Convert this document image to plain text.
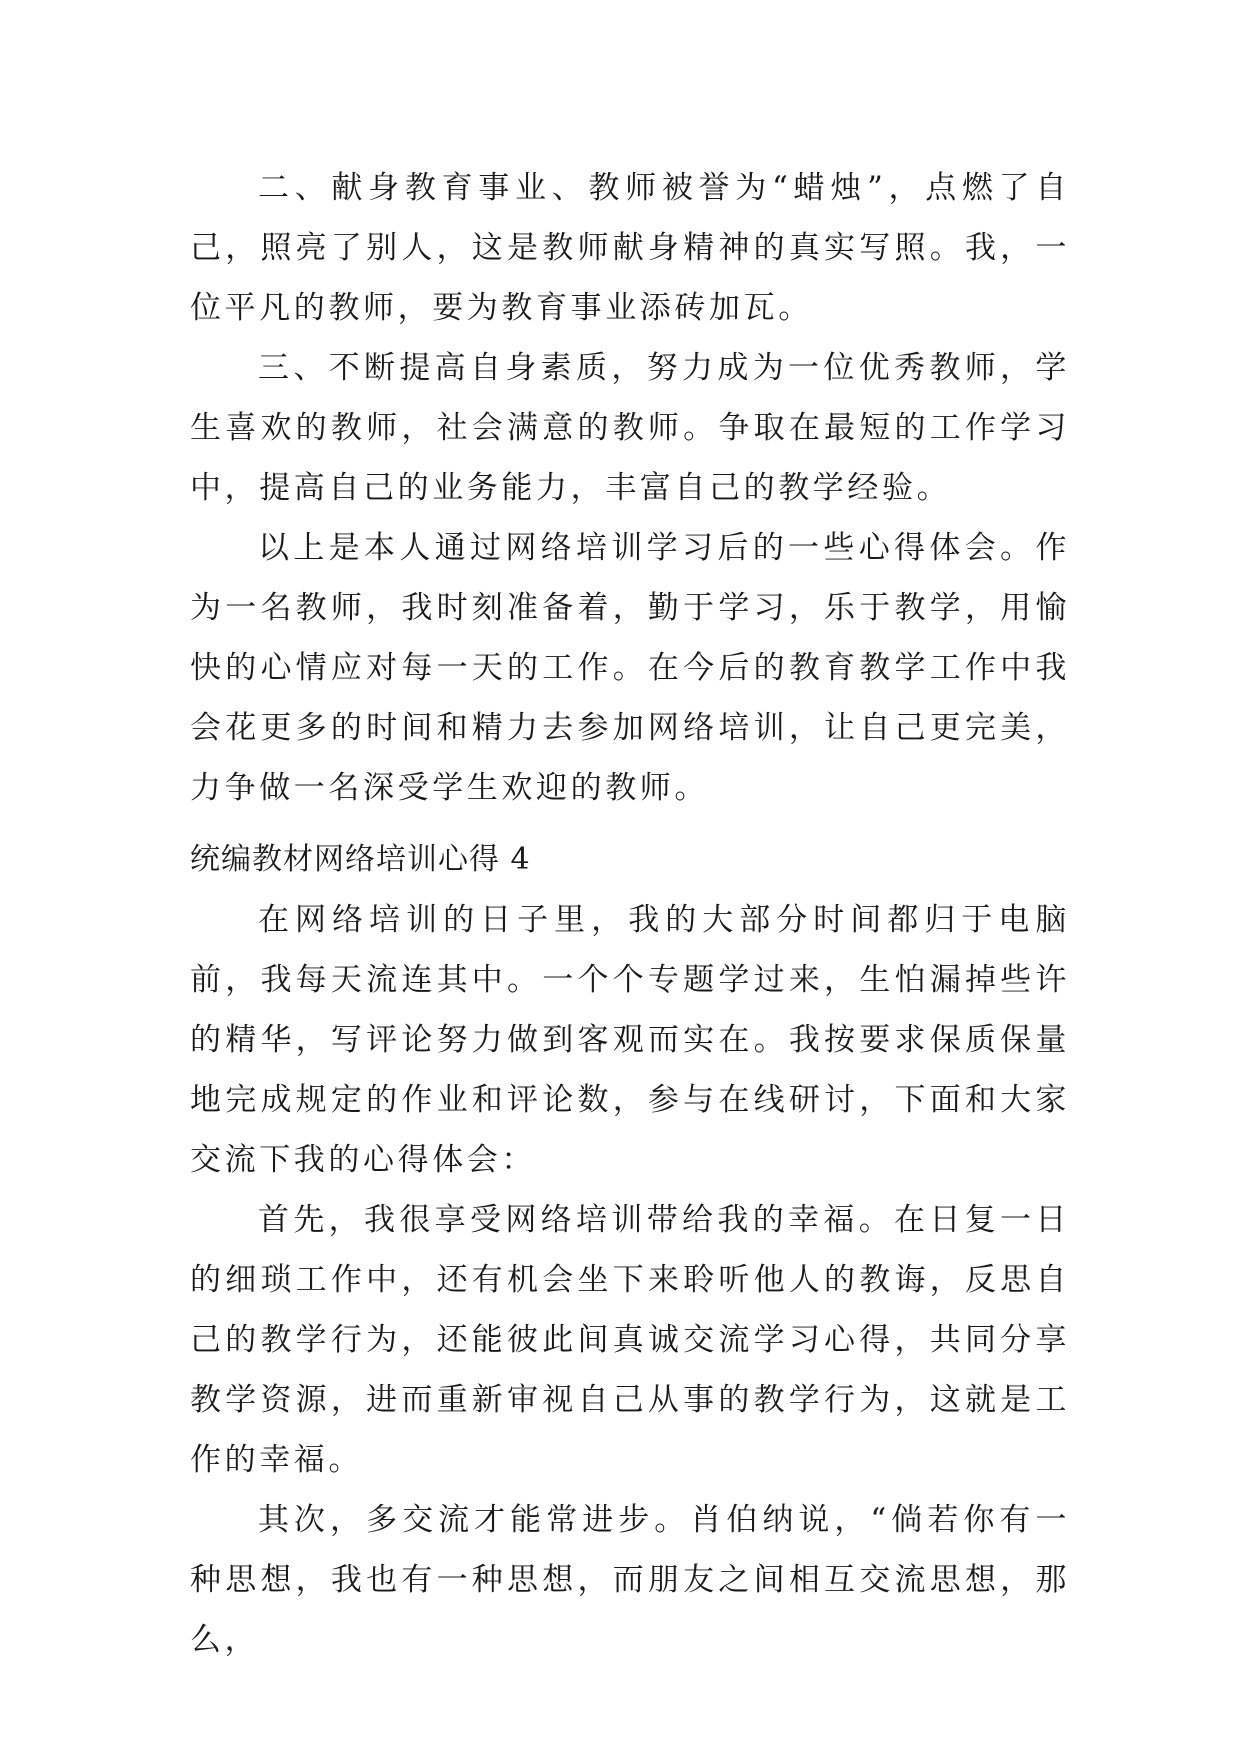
二、献身教育事业、教师被誉为“蜡烛”，点燃了自己，照亮了别人，这是教师献身精神的真实写照。我，一位平凡的教师，要为教育事业添砖加瓦。

三、不断提高自身素质，努力成为一位优秀教师，学生喜欢的教师，社会满意的教师。争取在最短的工作学习中，提高自己的业务能力，丰富自己的教学经验。

以上是本人通过网络培训学习后的一些心得体会。作为一名教师，我时刻准备着，勤于学习，乐于教学，用愉快的心情应对每一天的工作。在今后的教育教学工作中我会花更多的时间和精力去参加网络培训，让自己更完美，力争做一名深受学生欢迎的教师。

统编教材网络培训心得 4

在网络培训的日子里，我的大部分时间都归于电脑前，我每天流连其中。一个个专题学过来，生怕漏掉些许的精华，写评论努力做到客观而实在。我按要求保质保量地完成规定的作业和评论数，参与在线研讨，下面和大家交流下我的心得体会：

首先，我很享受网络培训带给我的幸福。在日复一日的细琐工作中，还有机会坐下来聆听他人的教诲，反思自己的教学行为，还能彼此间真诚交流学习心得，共同分享教学资源，进而重新审视自己从事的教学行为，这就是工作的幸福。

其次，多交流才能常进步。肖伯纳说，“倘若你有一种思想，我也有一种思想，而朋友之间相互交流思想，那么，
